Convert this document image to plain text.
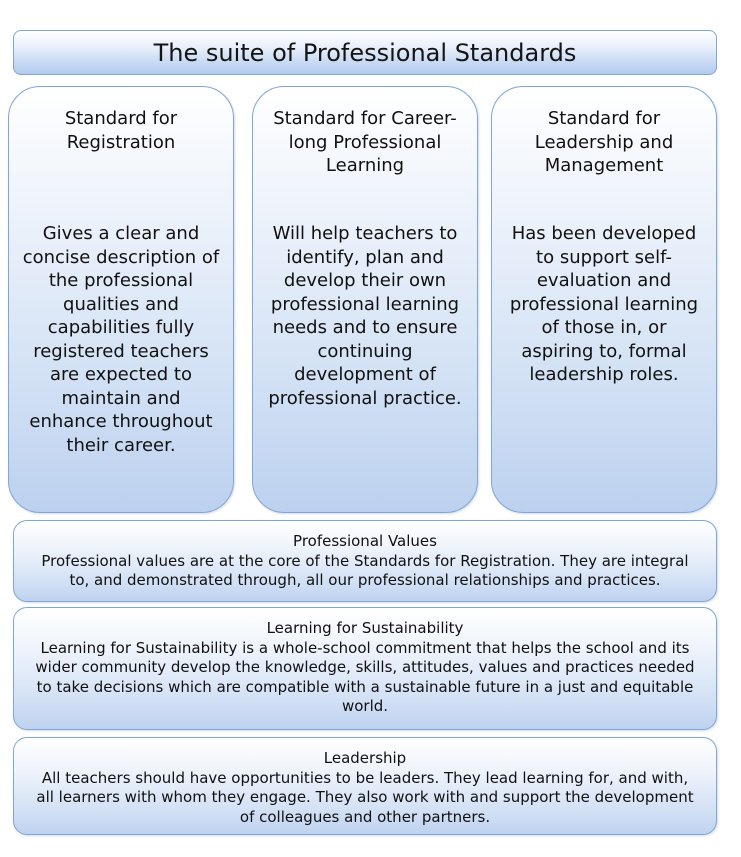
The suite of Professional Standards
Standard for Registration
Gives a clear and concise description of the professional qualities and capabilities fully registered teachers are expected to maintain and enhance throughout their career.
Standard for Career-long Professional Learning
Will help teachers to identify, plan and develop their own professional learning needs and to ensure continuing development of professional practice.
Standard for Leadership and Management
Has been developed to support self-evaluation and professional learning of those in, or aspiring to, formal leadership roles.
Professional Values
Professional values are at the core of the Standards for Registration. They are integral to, and demonstrated through, all our professional relationships and practices.
Learning for Sustainability
Learning for Sustainability is a whole-school commitment that helps the school and its wider community develop the knowledge, skills, attitudes, values and practices needed to take decisions which are compatible with a sustainable future in a just and equitable world.
Leadership
All teachers should have opportunities to be leaders. They lead learning for, and with, all learners with whom they engage. They also work with and support the development of colleagues and other partners.
